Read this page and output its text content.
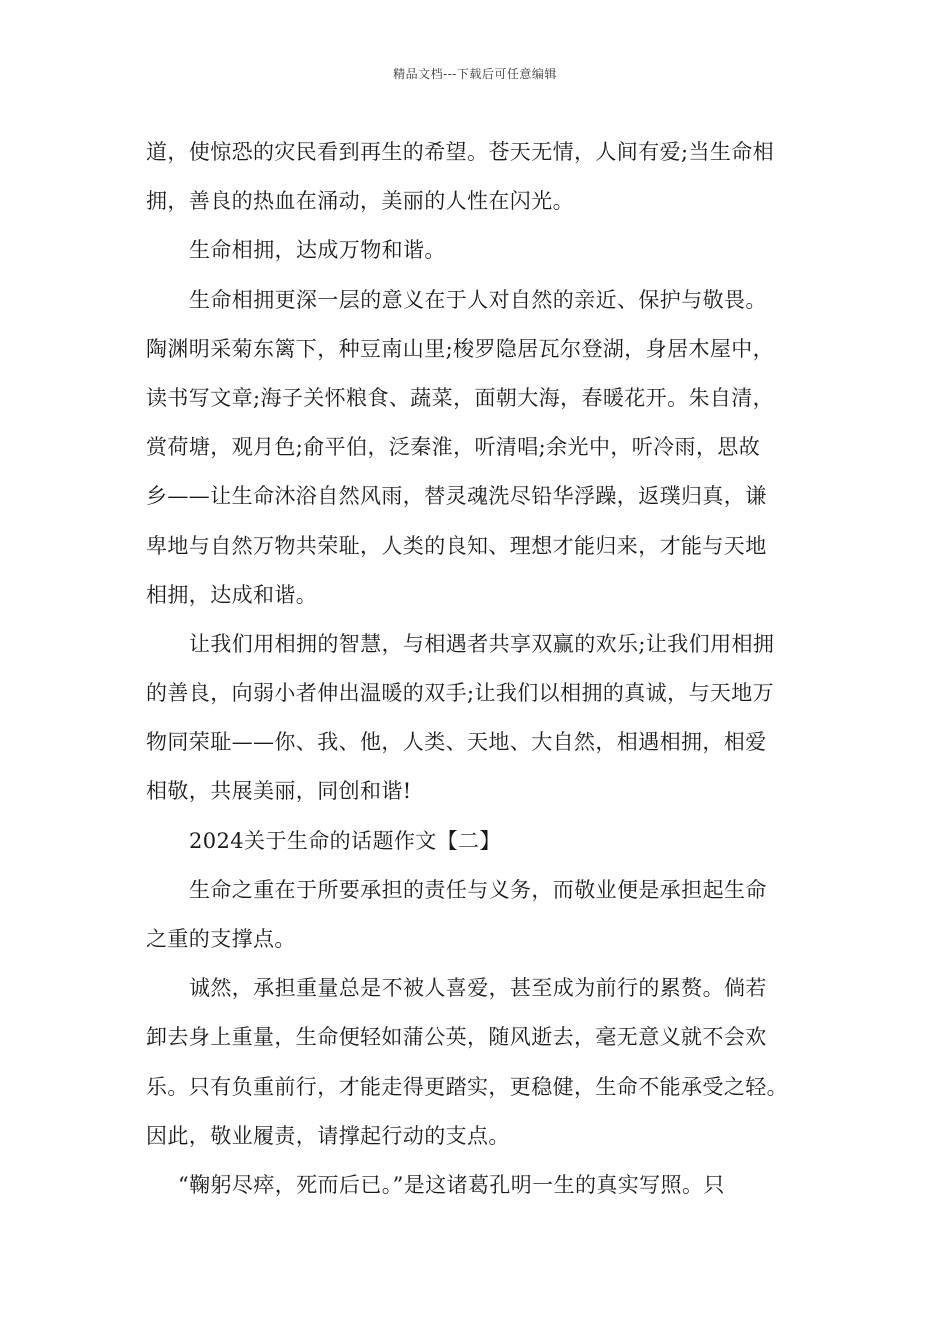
精品文档---下载后可任意编辑
道，使惊恐的灾民看到再生的希望。苍天无情，人间有爱;当生命相
拥，善良的热血在涌动，美丽的人性在闪光。
生命相拥，达成万物和谐。
生命相拥更深一层的意义在于人对自然的亲近、保护与敬畏。
陶渊明采菊东篱下，种豆南山里;梭罗隐居瓦尔登湖，身居木屋中，
读书写文章;海子关怀粮食、蔬菜，面朝大海，春暖花开。朱自清，
赏荷塘，观月色;俞平伯，泛秦淮，听清唱;余光中，听冷雨，思故
乡——让生命沐浴自然风雨，替灵魂洗尽铅华浮躁，返璞归真，谦
卑地与自然万物共荣耻，人类的良知、理想才能归来，才能与天地
相拥，达成和谐。
让我们用相拥的智慧，与相遇者共享双赢的欢乐;让我们用相拥
的善良，向弱小者伸出温暖的双手;让我们以相拥的真诚，与天地万
物同荣耻——你、我、他，人类、天地、大自然，相遇相拥，相爱
相敬，共展美丽，同创和谐!
2024关于生命的话题作文【二】
生命之重在于所要承担的责任与义务，而敬业便是承担起生命
之重的支撑点。
诚然，承担重量总是不被人喜爱，甚至成为前行的累赘。倘若
卸去身上重量，生命便轻如蒲公英，随风逝去，毫无意义就不会欢
乐。只有负重前行，才能走得更踏实，更稳健，生命不能承受之轻。
因此，敬业履责，请撑起行动的支点。
“鞠躬尽瘁，死而后已。”是这诸葛孔明一生的真实写照。只
